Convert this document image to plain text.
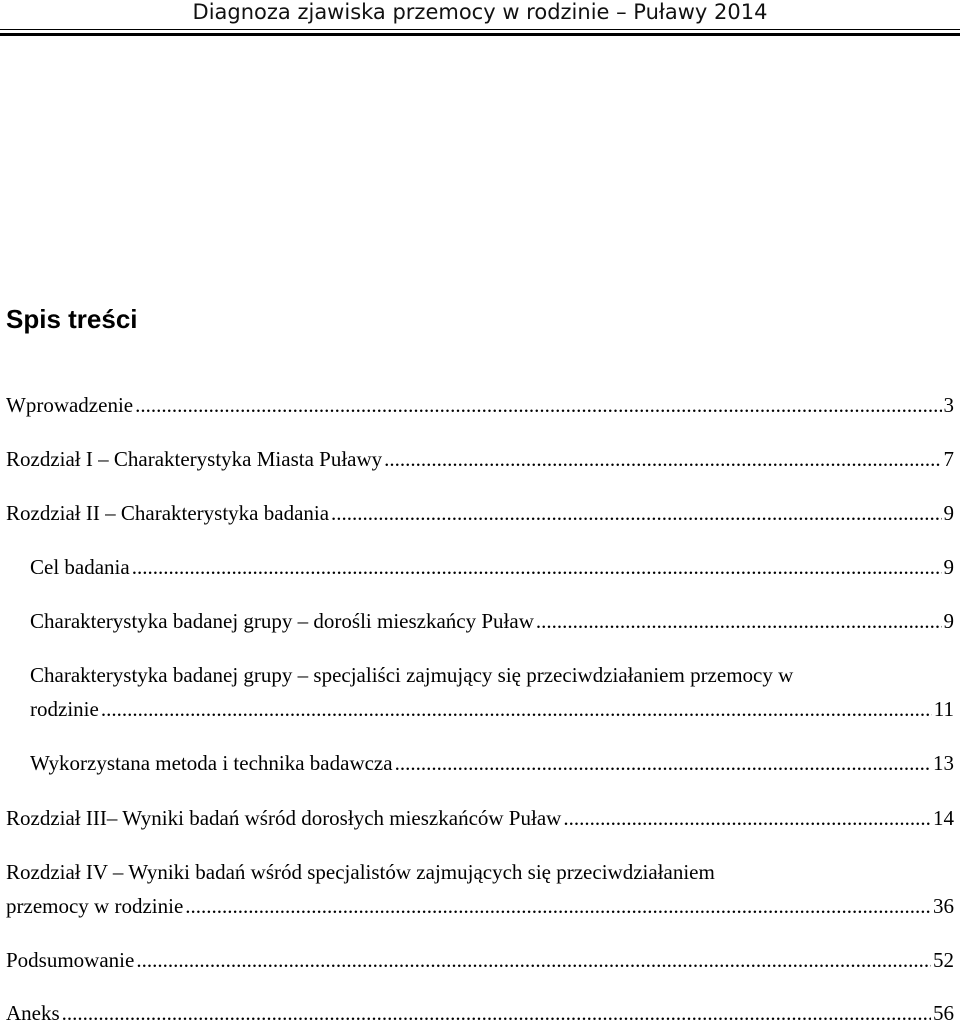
Diagnoza zjawiska przemocy w rodzinie – Puławy 2014
Spis treści
Wprowadzenie .....	3
Rozdział I – Charakterystyka Miasta Puławy .....	7
Rozdział II – Charakterystyka badania .....	9
Cel badania .....	9
Charakterystyka badanej grupy – dorośli mieszkańcy Puław .....	9
Charakterystyka badanej grupy – specjaliści zajmujący się przeciwdziałaniem przemocy w
rodzinie .....	11
Wykorzystana metoda i technika badawcza .....	13
Rozdział III– Wyniki badań wśród dorosłych mieszkańców Puław .....	14
Rozdział IV – Wyniki badań wśród specjalistów zajmujących się przeciwdziałaniem
przemocy w rodzinie .....	36
Podsumowanie .....	52
Aneks .....	56
